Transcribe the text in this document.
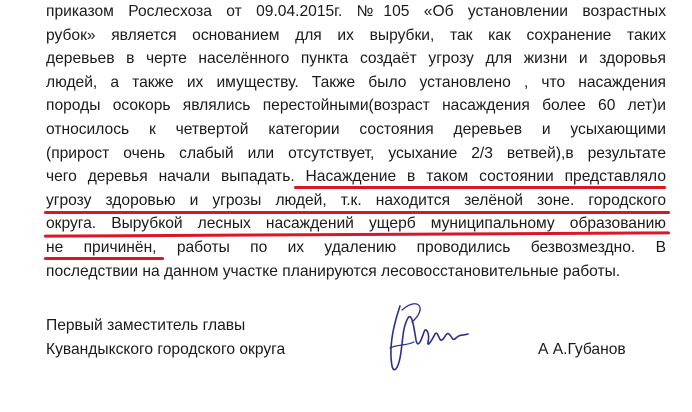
приказом Рослесхоза от 09.04.2015г. №105 «Об установлении возрастных
рубок» является основанием для их вырубки, так как сохранение таких
деревьев в черте населённого пункта создаёт угрозу для жизни и здоровья
людей, а также их имуществу. Также было установлено , что насаждения
породы осокорь являлись перестойными(возраст насаждения более 60 лет)и
относилось к четвертой категории состояния деревьев и усыхающими
(прирост очень слабый или отсутствует, усыхание 2/3 ветвей),в результате
чего деревья начали выпадать. Насаждение в таком состоянии представляло
угрозу здоровью и угрозы людей, т.к. находится зелёной зоне. городского
округа. Вырубкой лесных насаждений ущерб муниципальному образованию
не причинён, работы по их удалению проводились безвозмездно. В
последствии на данном участке планируются лесовосстановительные работы.
Первый заместитель главы
Кувандыкского городского округа	А А.Губанов
